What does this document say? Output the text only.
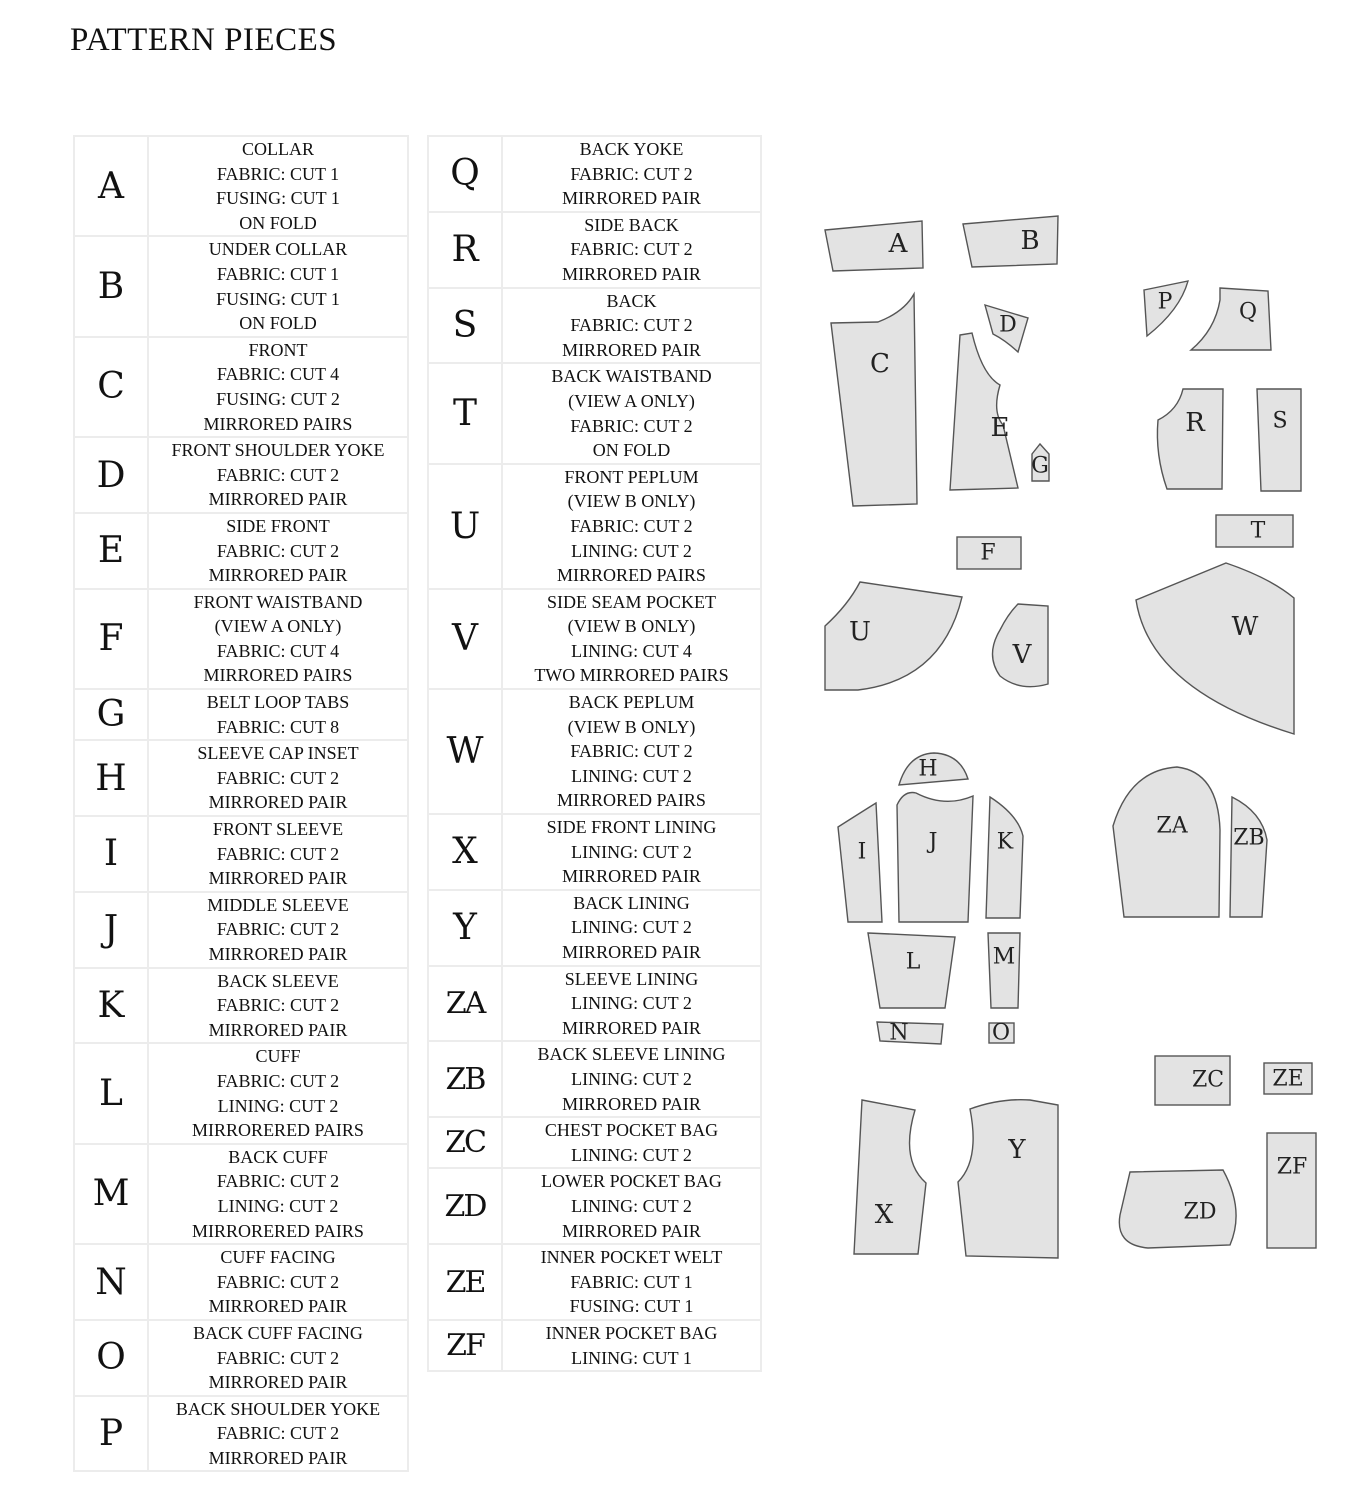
PATTERN PIECES
A	COLLAR
FABRIC: CUT 1
FUSING: CUT 1
ON FOLD

B	UNDER COLLAR
FABRIC: CUT 1
FUSING: CUT 1
ON FOLD

C	FRONT
FABRIC: CUT 4
FUSING: CUT 2
MIRRORED PAIRS

D	FRONT SHOULDER YOKE
FABRIC: CUT 2
MIRRORED PAIR

E	SIDE FRONT
FABRIC: CUT 2
MIRRORED PAIR

F	FRONT WAISTBAND
(VIEW A ONLY)
FABRIC: CUT 4
MIRRORED PAIRS

G	BELT LOOP TABS
FABRIC: CUT 8

H	SLEEVE CAP INSET
FABRIC: CUT 2
MIRRORED PAIR

I	FRONT SLEEVE
FABRIC: CUT 2
MIRRORED PAIR

J	MIDDLE SLEEVE
FABRIC: CUT 2
MIRRORED PAIR

K	BACK SLEEVE
FABRIC: CUT 2
MIRRORED PAIR

L	CUFF
FABRIC: CUT 2
LINING: CUT 2
MIRRORERED PAIRS

M	BACK CUFF
FABRIC: CUT 2
LINING: CUT 2
MIRRORERED PAIRS

N	CUFF FACING
FABRIC: CUT 2
MIRRORED PAIR

O	BACK CUFF FACING
FABRIC: CUT 2
MIRRORED PAIR

P	BACK SHOULDER YOKE
FABRIC: CUT 2
MIRRORED PAIR
Q	BACK YOKE
FABRIC: CUT 2
MIRRORED PAIR

R	SIDE BACK
FABRIC: CUT 2
MIRRORED PAIR

S	BACK
FABRIC: CUT 2
MIRRORED PAIR

T	BACK WAISTBAND
(VIEW A ONLY)
FABRIC: CUT 2
ON FOLD

U	FRONT PEPLUM
(VIEW B ONLY)
FABRIC: CUT 2
LINING: CUT 2
MIRRORED PAIRS

V	SIDE SEAM POCKET
(VIEW B ONLY)
LINING: CUT 4
TWO MIRRORED PAIRS

W	BACK PEPLUM
(VIEW B ONLY)
FABRIC: CUT 2
LINING: CUT 2
MIRRORED PAIRS

X	SIDE FRONT LINING
LINING: CUT 2
MIRRORED PAIR

Y	BACK LINING
LINING: CUT 2
MIRRORED PAIR

ZA	SLEEVE LINING
LINING: CUT 2
MIRRORED PAIR

ZB	BACK SLEEVE LINING
LINING: CUT 2
MIRRORED PAIR

ZC	CHEST POCKET BAG
LINING: CUT 2

ZD	LOWER POCKET BAG
LINING: CUT 2
MIRRORED PAIR

ZE	INNER POCKET WELT
FABRIC: CUT 1
FUSING: CUT 1

ZF	INNER POCKET BAG
LINING: CUT 1
A	B
C
D
E
G
F
P	Q
R	S
T
U
V
W
H
I	J	K
ZA ZB
L	M
N	O
ZC ZE
X
Y
ZD
ZF
